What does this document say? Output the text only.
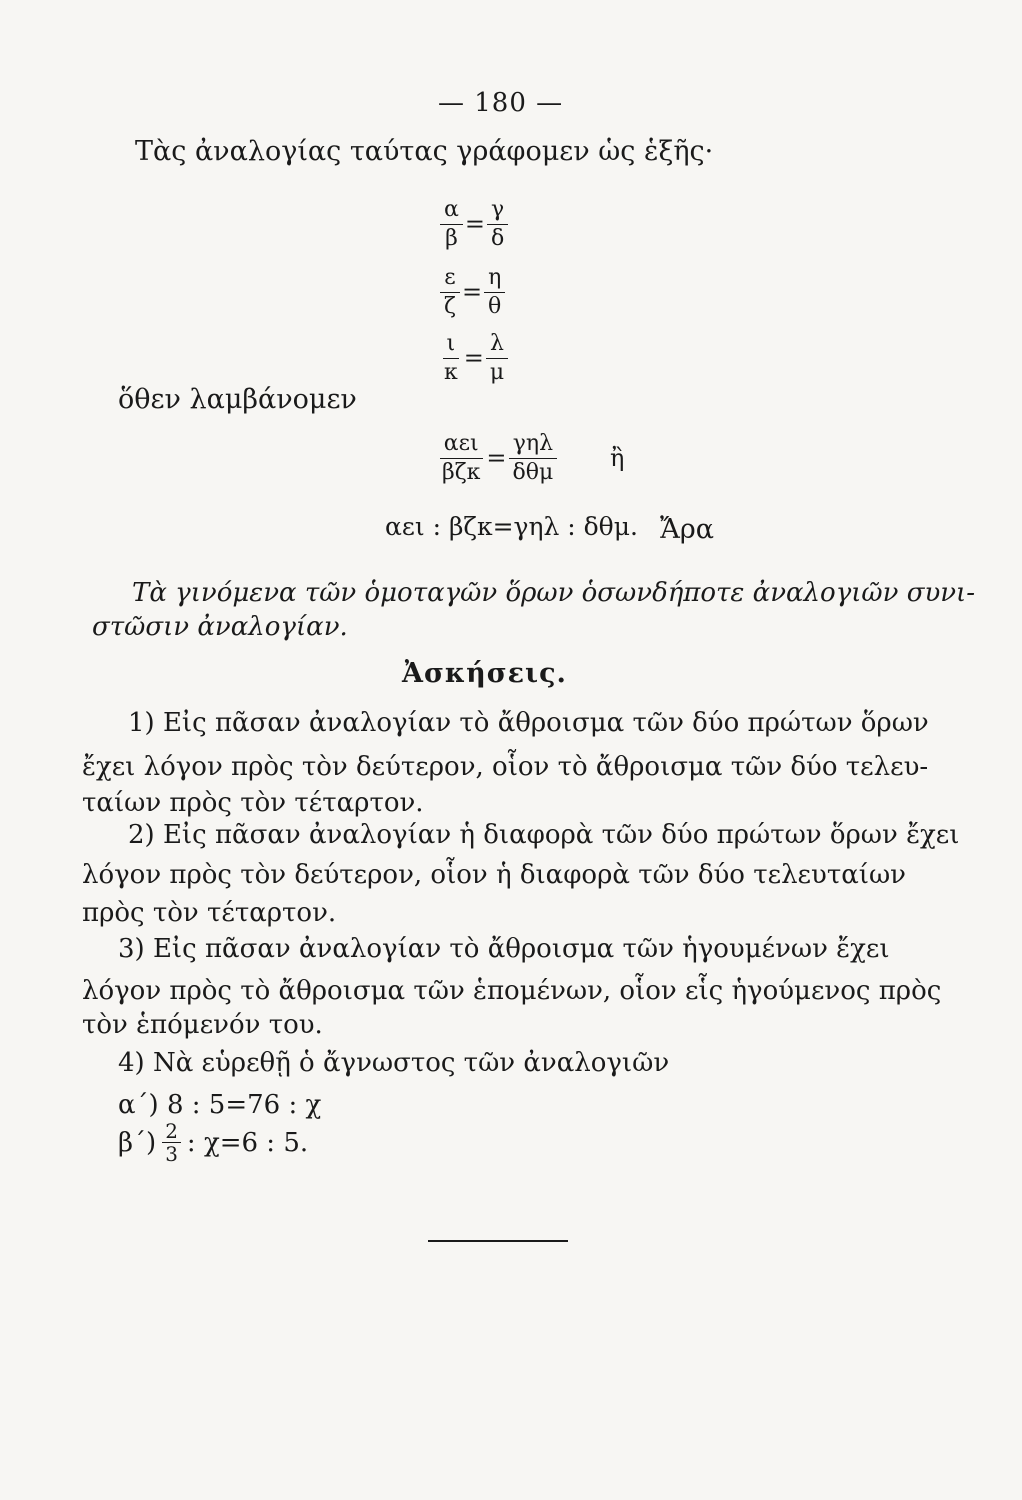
— 180 —
Τὰς ἀναλογίας ταύτας γράφομεν ὡς ἑξῆς·
$\frac{\alpha}{\beta} = \frac{\gamma}{\delta}$
$\frac{\varepsilon}{\zeta} = \frac{\eta}{\theta}$
$\frac{\iota}{\kappa} = \frac{\lambda}{\mu}$
ὅθεν λαμβάνομεν
αει
βζκ =
γηλ
δθμ ἢ
αει : βζκ=γηλ : δθμ. Ἄρα
Τὰ γινόμενα τῶν ὁμοταγῶν ὅρων ὁσωνδήποτε ἀναλογιῶν συνι-
στῶσιν ἀναλογίαν.
Ἀσκήσεις.
1) Εἰς πᾶσαν ἀναλογίαν τὸ ἄθροισμα τῶν δύο πρώτων ὅρων
ἔχει λόγον πρὸς τὸν δεύτερον, οἷον τὸ ἄθροισμα τῶν δύο τελευ-
ταίων πρὸς τὸν τέταρτον.
2) Εἰς πᾶσαν ἀναλογίαν ἡ διαφορὰ τῶν δύο πρώτων ὅρων ἔχει
λόγον πρὸς τὸν δεύτερον, οἷον ἡ διαφορὰ τῶν δύο τελευταίων
πρὸς τὸν τέταρτον.
3) Εἰς πᾶσαν ἀναλογίαν τὸ ἄθροισμα τῶν ἡγουμένων ἔχει
λόγον πρὸς τὸ ἄθροισμα τῶν ἑπομένων, οἷον εἷς ἡγούμενος πρὸς
τὸν ἑπόμενόν του.
4) Νὰ εὑρεθῇ ὁ ἄγνωστος τῶν ἀναλογιῶν
α΄) 8 : 5=76 : χ
$\beta΄) \frac{2}{3}$ : χ=6 : 5.
